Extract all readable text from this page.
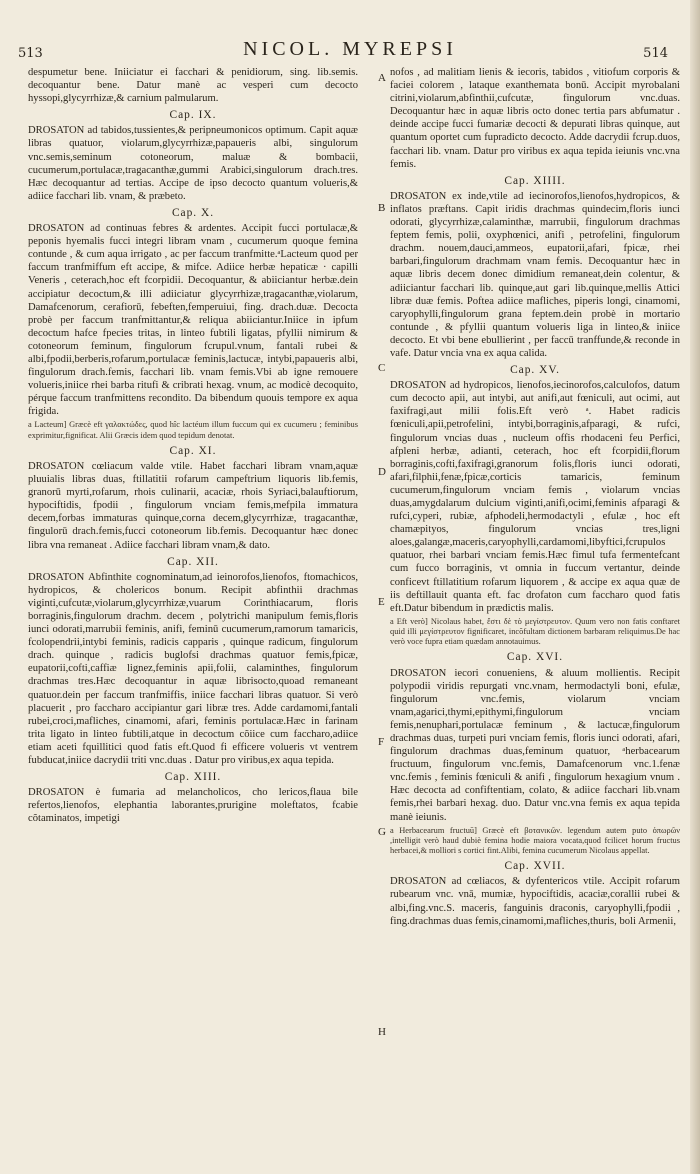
513	NICOL. MYREPSI	514

despumetur bene. Iniiciatur ei facchari & penidiorum, sing. lib.semis. decoquantur bene. Datur manè ac vesperi cum decocto hyssopi,glycyrrhizæ,& carnium palmularum.

Cap. IX.

DROSATON ad tabidos,tussientes,& peripneumonicos optimum. Capit aquæ libras quatuor, violarum,glycyrrhizæ,papaueris albi, singulorum vnc.semis,seminum cotoneorum, maluæ & bombacii, cucumerum,portulacæ,tragacanthæ,gummi Arabici,singulorum drach.tres. Hæc decoquantur ad tertias. Accipe de ipso decocto quantum volueris,& adiice facchari lib. vnam, & præbeto.

Cap. X.

DROSATON ad continuas febres & ardentes. Accipit fucci portulacæ,& peponis hyemalis fucci integri libram vnam , cucumerum quoque femina contunde , & cum aqua irrigato , ac per faccum tranfmitte.ᵃLacteum quod per faccum tranfmiffum eft accipe, & mifce. Adiice herbæ hepaticæ · capilli Veneris , ceterach,hoc eft fcorpidii. Decoquantur, & abiiciantur herbæ.dein accipiatur decoctum,& illi adiiciatur glycyrrhizæ,tragacanthæ,violarum, Damafcenorum, cerafiorū, febeften,femperuiui, fing. drach.duæ. Decocta probè per faccum tranfmittantur,& reliqua abiiciantur.Iniice in ipfum decoctum hafce fpecies tritas, in linteo fubtili ligatas, pfyllii nimirum & cotoneorum feminum, fingulorum fcrupul.vnum, fantali rubei & albi,fpodii,berberis,rofarum,portulacæ feminis,lactucæ, intybi,papaueris albi, fingulorum drach.femis, facchari lib. vnam femis.Vbi ab igne remouere volueris,iniice rhei barba ritufi & cribrati hexag. vnum, ac modicè decoquito, pérque faccum tranfmittens recondito. Da bibendum quouis tempore ex aqua frigida.

a Lacteum] Græcè eft γαλακτώδες, quod hîc lactéum illum fuccum qui ex cucumeru ; feminibus exprimitur,fignificat. Alii Græcis idem quod tepidum denotat.

Cap. XI.

DROSATON cœliacum valde vtile. Habet facchari libram vnam,aquæ pluuialis libras duas, ftillatitii rofarum campeftrium liquoris lib.femis, granorū myrti,rofarum, rhois culinarii, acaciæ, rhois Syriaci,balauftiorum, hypociftidis, fpodii , fingulorum vnciam femis,mefpila immatura decem,forbas immaturas quinque,corna decem,glycyrrhizæ, tragacanthæ, fingulorū drach.femis,fucci cotoneorum lib.femis. Decoquantur hæc donec libra vna remaneat . Adiice facchari libram vnam,& dato.

Cap. XII.

DROSATON Abfinthite cognominatum,ad ieinorofos,lienofos, ftomachicos, hydropicos, & cholericos bonum. Recipit abfinthii drachmas viginti,cufcutæ,violarum,glycyrrhizæ,vuarum Corinthiacarum, floris borraginis,fingulorum drachm. decem , polytrichi manipulum femis,floris iunci odorati,marrubii feminis, anifi, feminū cucumerum,ramorum tamaricis, fcolopendrii,intybi feminis, radicis capparis , quinque radicum, fingulorum drach. quinque , radicis buglofsi drachmas quatuor femis,fpicæ, eupatorii,cofti,caffiæ lignez,feminis apii,folii, calaminthes, fingulorum drachmas tres.Hæc decoquantur in aquæ librisocto,quoad remaneant quatuor.dein per faccum tranfmiffis, iniice facchari libras quatuor. Si verò placuerit , pro faccharo accipiantur gari libræ tres. Adde cardamomi,fantali rubei,croci,mafliches, cinamomi, afari, feminis portulacæ.Hæc in farinam trita ligato in linteo fubtili,atque in decoctum cõiice cum faccharo,adiice etiam aceti fquillitici quod fatis eft.Quod fi efficere volueris vt ventrem fubducat,iniice dacrydii triti vnc.duas . Datur pro viribus,ex aqua tepida.

Cap. XIII.

DROSATON è fumaria ad melancholicos, cho lericos,flaua bile refertos,lienofos, elephantia laborantes,prurigine moleftatos, fcabie cõtaminatos, impetigi

A
B
C
D
E
F
G
H

nofos , ad malitiam lienis & iecoris, tabidos , vitiofum corporis & faciei colorem , lataque exanthemata bonū. Accipit myrobalani citrini,violarum,abfinthii,cufcutæ, fingulorum vnc.duas. Decoquantur hæc in aquæ libris octo donec tertia pars abfumatur . deinde accipe fucci fumariæ decocti & depurati libras quinque, aut quantum oportet cum fupradicto decocto. Adde dacrydii fcrup.duos, facchari lib. vnam. Datur pro viribus ex aqua tepida ieiunis vnc.vna femis.

Cap. XIIII.

DROSATON ex inde,vtile ad iecinorofos,lienofos,hydropicos, & inflatos præftans. Capit iridis drachmas quindecim,floris iunci odorati, glycyrrhizæ,calaminthæ, marrubii, fingulorum drachmas feptem femis, polii, oxyphœnici, anifi , petrofelini, fingulorum drachm. nouem,dauci,ammeos, eupatorii,afari, fpicæ, rhei barbari,fingulorum drachmam vnam femis. Decoquantur hæc in aquæ libris decem donec dimidium remaneat,dein colentur, & adiiciantur facchari lib. quinque,aut gari lib.quinque,mellis Attici libræ duæ femis. Poftea adiice mafliches, piperis longi, cinamomi, caryophylli,fingulorum grana feptem.dein probè in mortario contunde , & pfyllii quantum volueris liga in linteo,& iniice decocto. Et vbi bene ebullierint , per faccū tranffunde,& reconde in vafe. Datur vncia vna ex aqua calida.

Cap. XV.

DROSATON ad hydropicos, lienofos,iecinorofos,calculofos, datum cum decocto apii, aut intybi, aut anifi,aut fœniculi, aut ocimi, aut faxifragi,aut milii folis.Eft verò ᵃ. Habet radicis fœniculi,apii,petrofelini, intybi,borraginis,afparagi, & rufci, fingulorum vncias duas , nucleum offis rhodaceni feu Perfici, afpleni herbæ, adianti, ceterach, hoc eft fcorpidii,florum borraginis,cofti,faxifragi,granorum folis,floris iunci odorati, afari,filphii,fenæ,fpicæ,corticis tamaricis, feminum cucumerum,fingulorum vnciam femis , violarum vncias duas,amygdalarum dulcium viginti,anifi,ocimi,feminis afparagi & rufci,cyperi, rubiæ, afphodeli,hermodactyli , efulæ , hoc eft chamæpityos, fingulorum vncias tres,ligni aloes,galangæ,maceris,caryophylli,cardamomi,libyftici,fcrupulos quatuor, rhei barbari vnciam femis.Hæc fimul tufa fermentefcant cum fucco borraginis, vt omnia in fuccum vertantur, deinde conficevt ftillatitium rofarum liquorem , & accipe ex aqua quæ de iis deftillauit quanta eft. fac drofaton cum faccharo quod fatis eft.Datur bibendum in prædictis malis.

a Eft verò] Nicolaus habet, ἔστι δὲ τὸ μεγίστρευτον. Quum vero non fatis conftaret quid illi μεγίστρευτον fignificaret, incõfultam dictionem barbaram reliquimus.De hac verò voce fupra etiam quædam annotauimus.

Cap. XVI.

DROSATON iecori conueniens, & aluum mollientis. Recipit polypodii viridis repurgati vnc.vnam, hermodactyli boni, efulæ, fingulorum vnc.femis, violarum vnciam vnam,agarici,thymi,epithymi,fingulorum vnciam femis,nenuphari,portulacæ feminum , & lactucæ,fingulorum drachmas duas, turpeti puri vnciam femis, floris iunci odorati, afari, fingulorum drachmas duas,feminum quatuor, ᵃherbacearum fructuum, fingulorum vnc.femis, Damafcenorum vnc.1.fenæ vnc.femis , feminis fœniculi & anifi , fingulorum hexagium vnum . Hæc decocta ad confiftentiam, colato, & adiice facchari lib.vnam femis,rhei barbari hexag. duo. Datur vnc.vna femis ex aqua tepida manè ieiunis.

a Herbacearum fructuū] Græcè eft βοτανικῶν. legendum autem puto ὀπωρῶν ,intelligit verò haud dubiè femina hodie maiora vocata,quod fcilicet horum fructus herbacei,& molliori s cortici fint.Alibi, femina cucumerum Nicolaus appellat.

Cap. XVII.

DROSATON ad cœliacos, & dyfentericos vtile. Accipit rofarum rubearum vnc. vnā, mumiæ, hypociftidis, acaciæ,corallii rubei & albi,fing.vnc.S. maceris, fanguinis draconis, caryophylli,fpodii , fing.drachmas duas femis,cinamomi,mafliches,thuris, boli Armenii,
